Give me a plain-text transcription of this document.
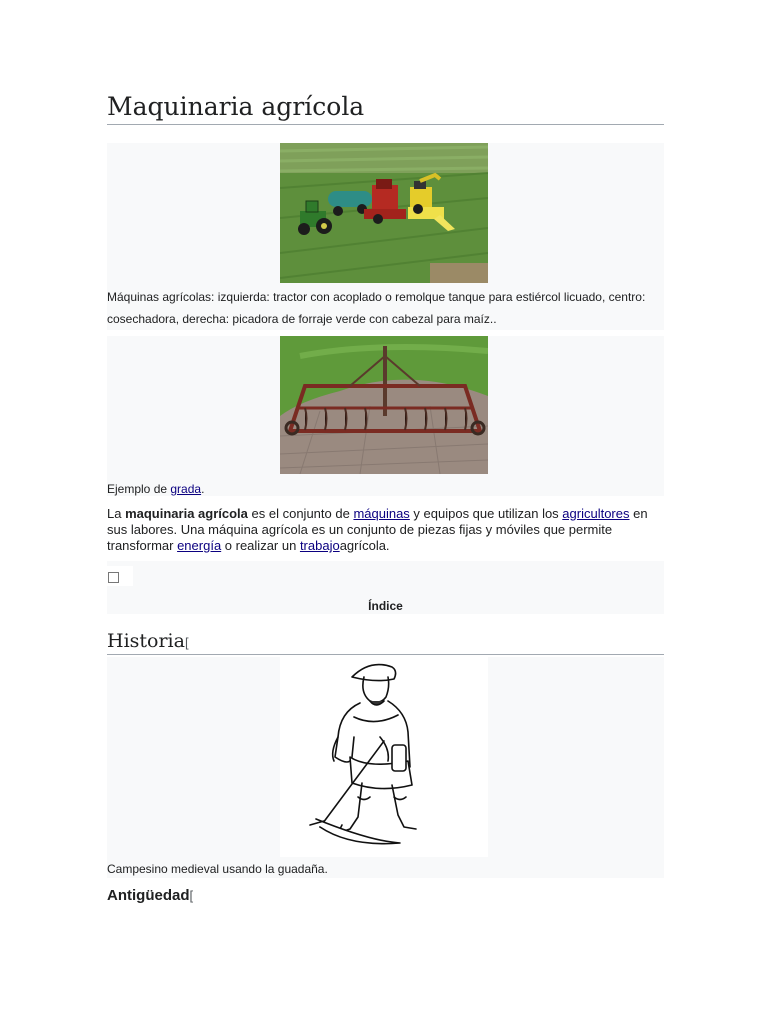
Maquinaria agrícola
Máquinas agrícolas: izquierda: tractor con acoplado o remolque tanque para estiércol licuado, centro: cosechadora, derecha: picadora de forraje verde con cabezal para maíz..
Ejemplo de grada.

La maquinaria agrícola es el conjunto de máquinas y equipos que utilizan los agricultores en sus labores. Una máquina agrícola es un conjunto de piezas fijas y móviles que permite transformar energía o realizar un trabajoagrícola.

Índice
Historia[
Campesino medieval usando la guadaña.
Antigüedad[
